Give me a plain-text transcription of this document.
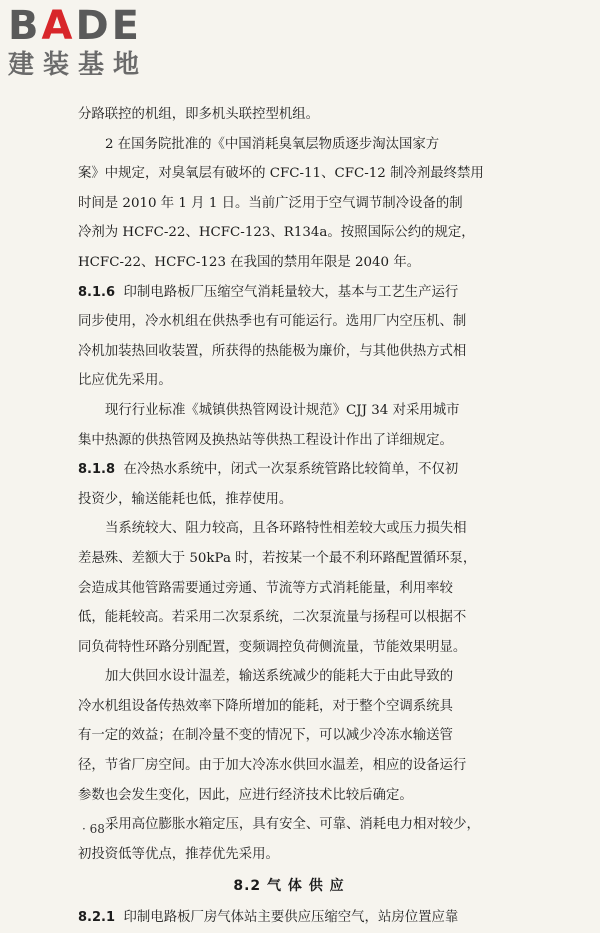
BADE
建装基地

分路联控的机组，即多机头联控型机组。

2 在国务院批准的《中国消耗臭氧层物质逐步淘汰国家方

案》中规定，对臭氧层有破坏的 CFC-11、CFC-12 制冷剂最终禁用

时间是 2010 年 1 月 1 日。当前广泛用于空气调节制冷设备的制

冷剂为 HCFC-22、HCFC-123、R134a。按照国际公约的规定，

HCFC-22、HCFC-123 在我国的禁用年限是 2040 年。

8.1.6 印制电路板厂压缩空气消耗量较大，基本与工艺生产运行

同步使用，冷水机组在供热季也有可能运行。选用厂内空压机、制

冷机加装热回收装置，所获得的热能极为廉价，与其他供热方式相

比应优先采用。

现行行业标准《城镇供热管网设计规范》CJJ 34 对采用城市

集中热源的供热管网及换热站等供热工程设计作出了详细规定。

8.1.8 在冷热水系统中，闭式一次泵系统管路比较简单，不仅初

投资少，输送能耗也低，推荐使用。

当系统较大、阻力较高，且各环路特性相差较大或压力损失相

差悬殊、差额大于 50kPa 时，若按某一个最不利环路配置循环泵，

会造成其他管路需要通过旁通、节流等方式消耗能量，利用率较

低，能耗较高。若采用二次泵系统，二次泵流量与扬程可以根据不

同负荷特性环路分别配置，变频调控负荷侧流量，节能效果明显。

加大供回水设计温差，输送系统减少的能耗大于由此导致的

冷水机组设备传热效率下降所增加的能耗，对于整个空调系统具

有一定的效益；在制冷量不变的情况下，可以减少冷冻水输送管

径，节省厂房空间。由于加大冷冻水供回水温差，相应的设备运行

参数也会发生变化，因此，应进行经济技术比较后确定。

采用高位膨胀水箱定压，具有安全、可靠、消耗电力相对较少，

初投资低等优点，推荐优先采用。

8.2 气 体 供 应

8.2.1 印制电路板厂房气体站主要供应压缩空气，站房位置应靠

· 68 ·
